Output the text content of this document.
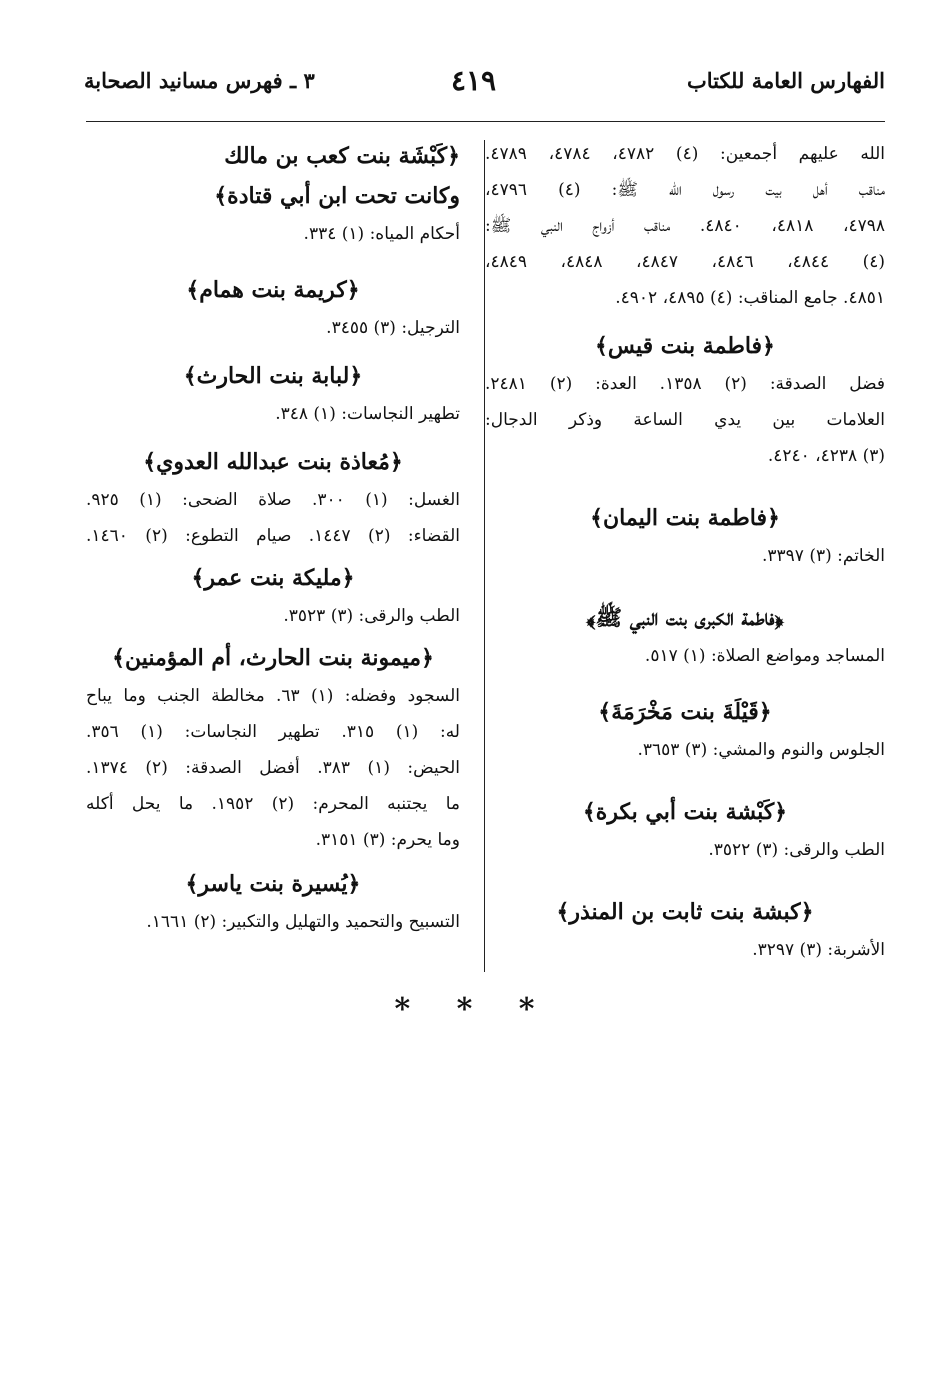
الفهارس العامة للكتاب
٤١٩
٣ ـ فهرس مسانيد الصحابة

الله عليهم أجمعين: (٤) ٤٧٨٢، ٤٧٨٤، ٤٧٨٩.

مناقب أهل بيت رسول الله ﷺ: (٤) ٤٧٩٦،

٤٧٩٨، ٤٨١٨، ٤٨٤٠. مناقب أزواج النبي ﷺ:

(٤) ٤٨٤٤، ٤٨٤٦، ٤٨٤٧، ٤٨٤٨، ٤٨٤٩،

٤٨٥١. جامع المناقب: (٤) ٤٨٩٥، ٤٩٠٢.

﴿فاطمة بنت قيس﴾

فضل الصدقة: (٢) ١٣٥٨. العدة: (٢) ٢٤٨١.

العلامات بين يدي الساعة وذكر الدجال:

(٣) ٤٢٣٨، ٤٢٤٠.

﴿فاطمة بنت اليمان﴾

الخاتم: (٣) ٣٣٩٧.

﴿فاطمة الكبرى بنت النبي ﷺ﴾

المساجد ومواضع الصلاة: (١) ٥١٧.

﴿قَيْلَةَ بنت مَخْرَمَةَ﴾

الجلوس والنوم والمشي: (٣) ٣٦٥٣.

﴿كَبْشة بنت أبي بكرة﴾

الطب والرقى: (٣) ٣٥٢٢.

﴿كبشة بنت ثابت بن المنذر﴾

الأشربة: (٣) ٣٢٩٧.

﴿كَبْشَة بنت كعب بن مالك

وكانت تحت ابن أبي قتادة﴾

أحكام المياه: (١) ٣٣٤.

﴿كريمة بنت همام﴾

الترجيل: (٣) ٣٤٥٥.

﴿لبابة بنت الحارث﴾

تطهير النجاسات: (١) ٣٤٨.

﴿مُعاذة بنت عبدالله العدوي﴾

الغسل: (١) ٣٠٠. صلاة الضحى: (١) ٩٢٥.

القضاء: (٢) ١٤٤٧. صيام التطوع: (٢) ١٤٦٠.

﴿مليكة بنت عمر﴾

الطب والرقى: (٣) ٣٥٢٣.

﴿ميمونة بنت الحارث، أم المؤمنين﴾

السجود وفضله: (١) ٦٣. مخالطة الجنب وما يباح

له: (١) ٣١٥. تطهير النجاسات: (١) ٣٥٦.

الحيض: (١) ٣٨٣. أفضل الصدقة: (٢) ١٣٧٤.

ما يجتنبه المحرم: (٢) ١٩٥٢. ما يحل أكله

وما يحرم: (٣) ٣١٥١.

﴿يُسيرة بنت ياسر﴾

التسبيح والتحميد والتهليل والتكبير: (٢) ١٦٦١.

* * *
